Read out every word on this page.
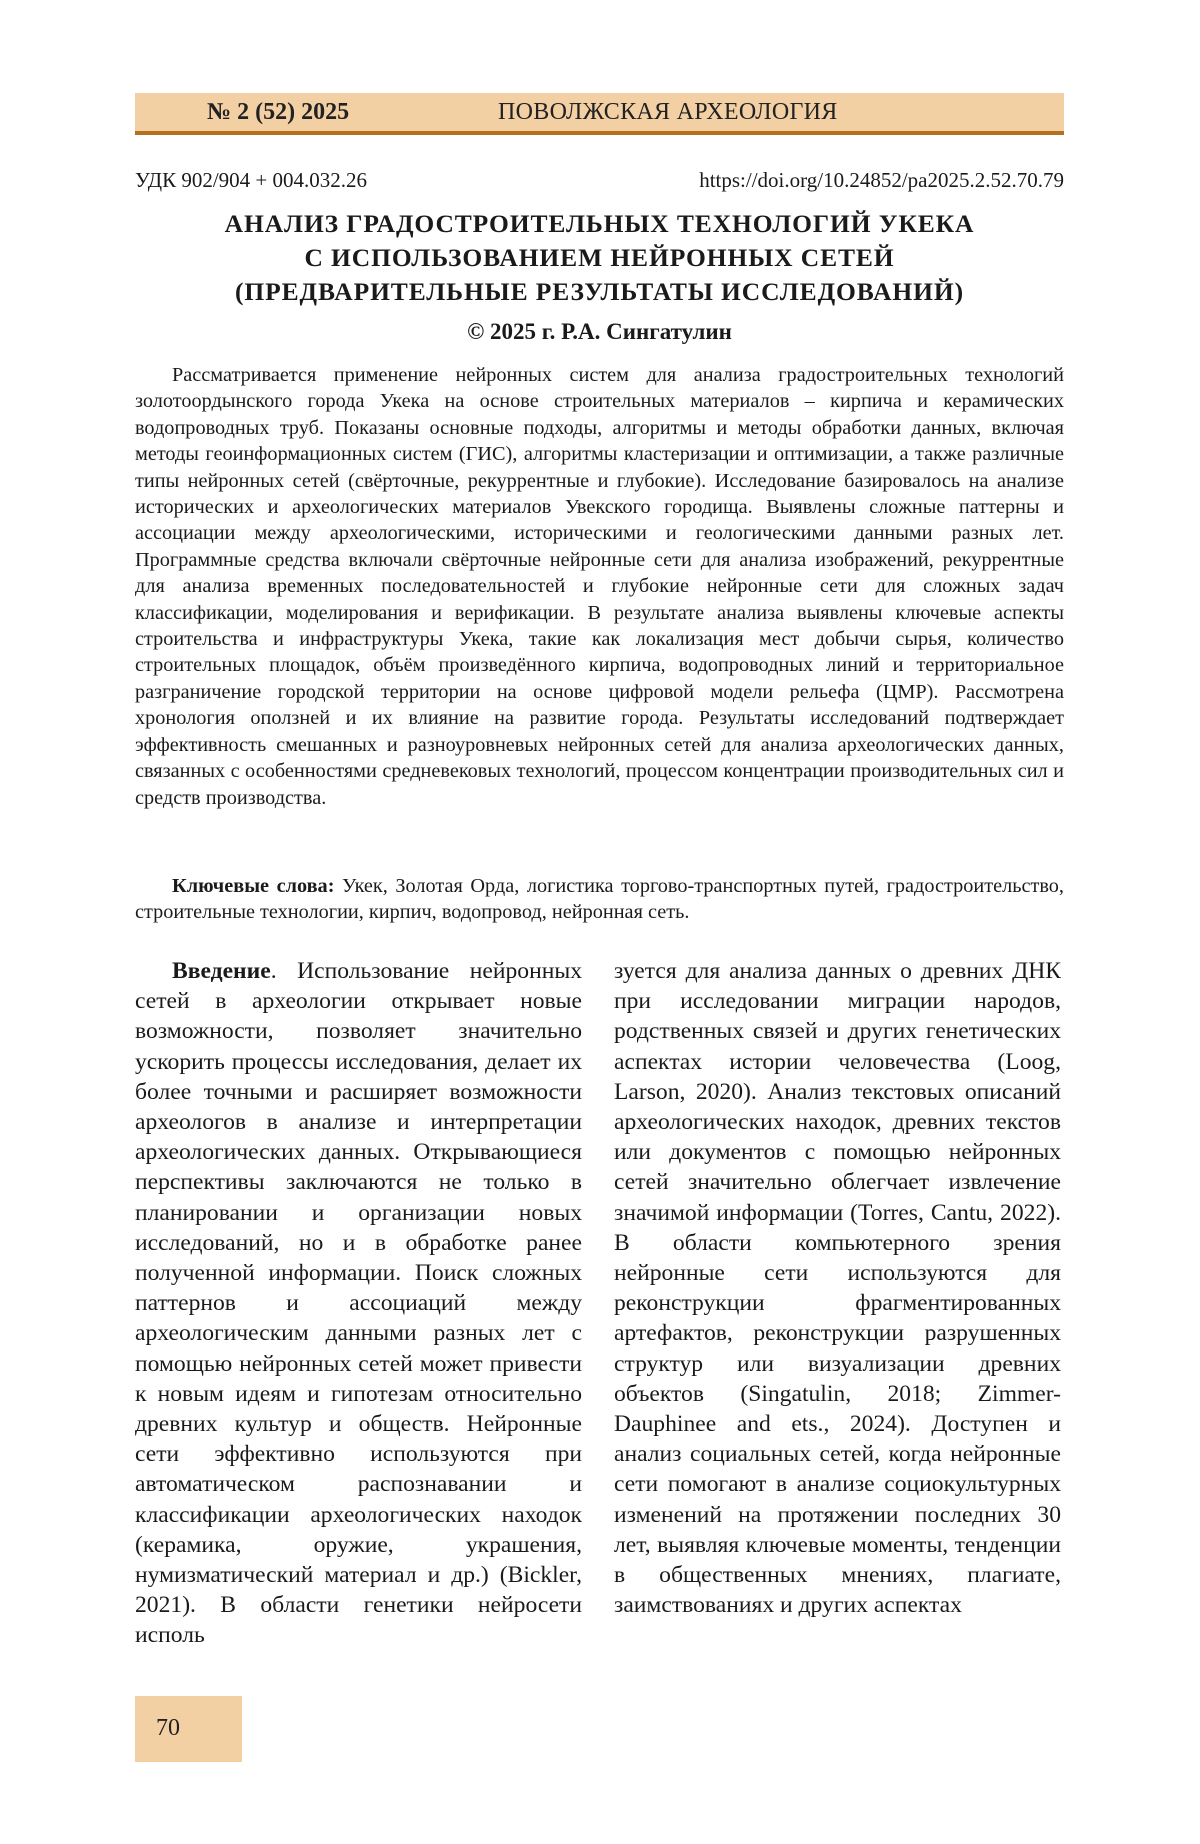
№ 2 (52) 2025	ПОВОЛЖСКАЯ АРХЕОЛОГИЯ
УДК 902/904 + 004.032.26	https://doi.org/10.24852/pa2025.2.52.70.79
АНАЛИЗ ГРАДОСТРОИТЕЛЬНЫХ ТЕХНОЛОГИЙ УКЕКА
С ИСПОЛЬЗОВАНИЕМ НЕЙРОННЫХ СЕТЕЙ
(ПРЕДВАРИТЕЛЬНЫЕ РЕЗУЛЬТАТЫ ИССЛЕДОВАНИЙ)
© 2025 г. Р.А. Сингатулин

Рассматривается применение нейронных систем для анализа градостроительных технологий золотоордынского города Укека на основе строительных материалов – кирпича и керамических водопроводных труб. Показаны основные подходы, алгоритмы и методы обработки данных, включая методы геоинформационных систем (ГИС), алгоритмы кластеризации и оптимизации, а также различные типы нейронных сетей (свёрточные, рекуррентные и глубокие). Исследование базировалось на анализе исторических и археологических материалов Увекского городища. Выявлены сложные паттерны и ассоциации между археологическими, историческими и геологическими данными разных лет. Программные средства включали свёрточные нейронные сети для анализа изображений, рекуррентные для анализа временных последовательностей и глубокие нейронные сети для сложных задач классификации, моделирования и верификации. В результате анализа выявлены ключевые аспекты строительства и инфраструктуры Укека, такие как локализация мест добычи сырья, количество строительных площадок, объём произведённого кирпича, водопроводных линий и территориальное разграничение городской территории на основе цифровой модели рельефа (ЦМР). Рассмотрена хронология оползней и их влияние на развитие города. Результаты исследований подтверждает эффективность смешанных и разноуровневых нейронных сетей для анализа археологических данных, связанных с особенностями средневековых технологий, процессом концентрации производительных сил и средств производства.

Ключевые слова: Укек, Золотая Орда, логистика торгово-транспортных путей, градостроительство, строительные технологии, кирпич, водопровод, нейронная сеть.

Введение. Использование нейронных сетей в археологии открывает новые возможности, позволяет значительно ускорить процессы исследования, делает их более точными и расширяет возможности археологов в анализе и интерпретации археологических данных. Открывающиеся перспективы заключаются не только в планировании и организации новых исследований, но и в обработке ранее полученной информации. Поиск сложных паттернов и ассоциаций между археологическим данными разных лет с помощью нейронных сетей может привести к новым идеям и гипотезам относительно древних культур и обществ. Нейронные сети эффективно используются при автоматическом распознавании и классификации археологических находок (керамика, оружие, украшения, нумизматический материал и др.) (Bickler, 2021). В области генетики нейросети исполь

зуется для анализа данных о древних ДНК при исследовании миграции народов, родственных связей и других генетических аспектах истории человечества (Loog, Larson, 2020). Анализ текстовых описаний археологических находок, древних текстов или документов с помощью нейронных сетей значительно облегчает извлечение значимой информации (Torres, Cantu, 2022). В области компьютерного зрения нейронные сети используются для реконструкции фрагментированных артефактов, реконструкции разрушенных структур или визуализации древних объектов (Singatulin, 2018; Zimmer-Dauphinee and ets., 2024). Доступен и анализ социальных сетей, когда нейронные сети помогают в анализе социокультурных изменений на протяжении последних 30 лет, выявляя ключевые моменты, тенденции в общественных мнениях, плагиате, заимствованиях и других аспектах

70
